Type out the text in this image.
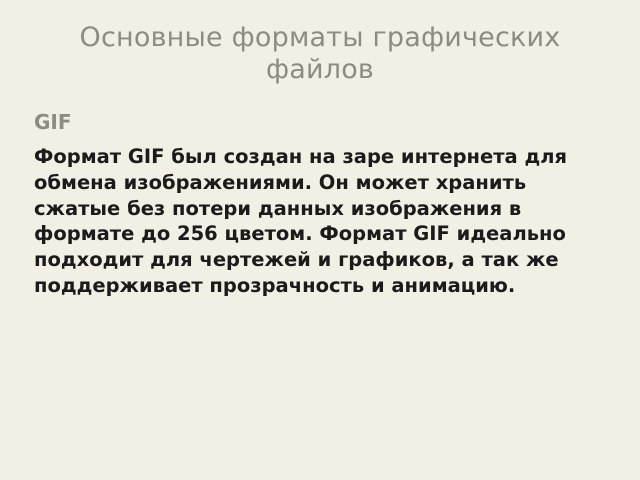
Основные форматы графических файлов
GIF

Формат GIF был создан на заре интернета для обмена изображениями. Он может хранить сжатые без потери данных изображения в формате до 256 цветом. Формат GIF идеально подходит для чертежей и графиков, а так же поддерживает прозрачность и анимацию.
